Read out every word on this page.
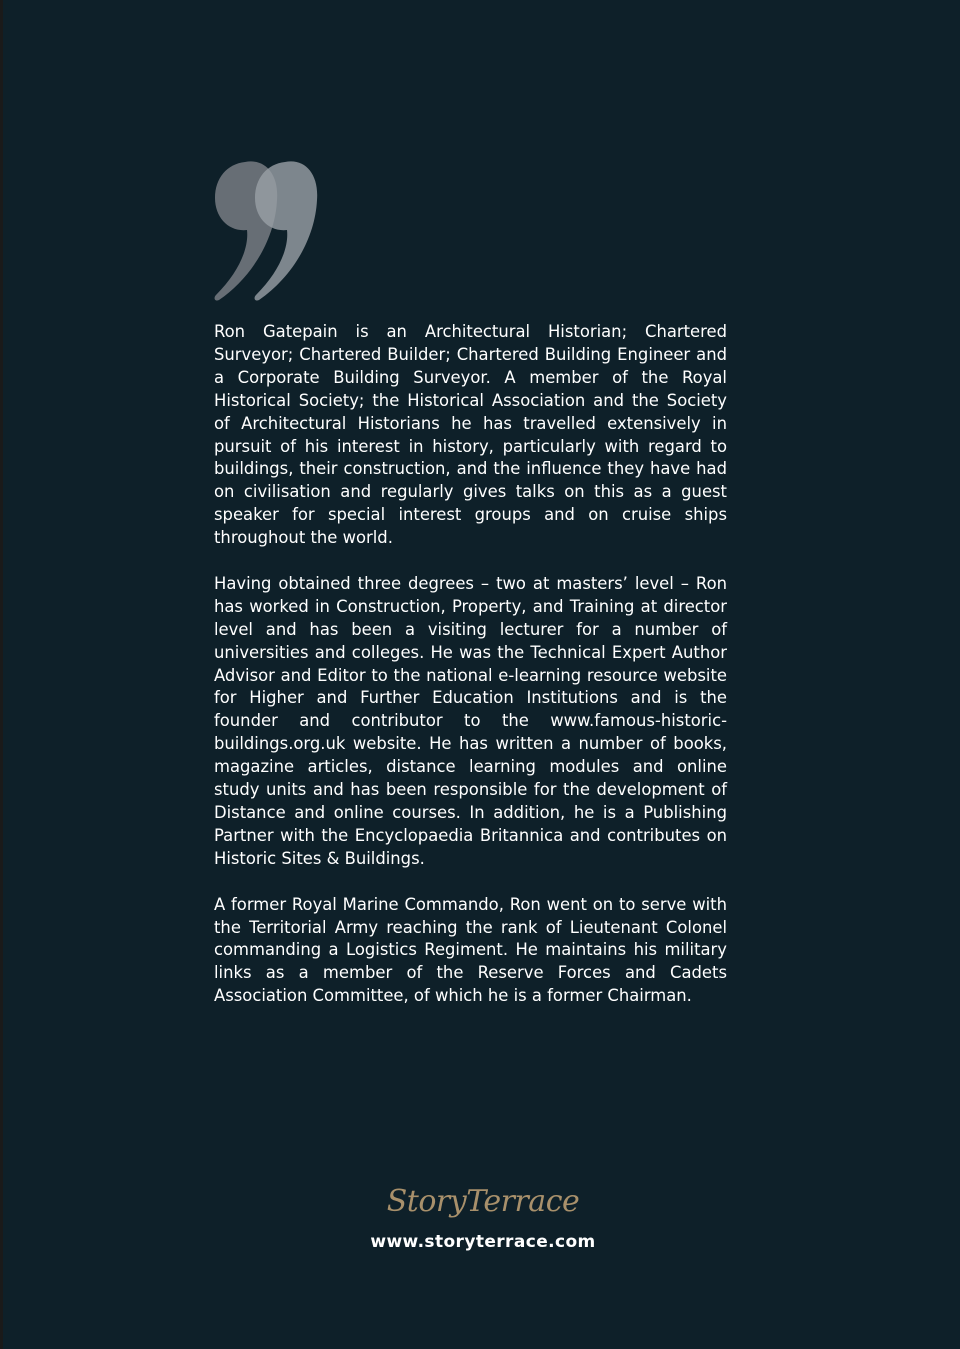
Ron Gatepain is an Architectural Historian; Chartered Surveyor; Chartered Builder; Chartered Building Engineer and a Corporate Building Surveyor. A member of the Royal Historical Society; the Historical Association and the Society of Architectural Historians he has travelled extensively in pursuit of his interest in history, particularly with regard to buildings, their construction, and the influence they have had on civilisation and regularly gives talks on this as a guest speaker for special interest groups and on cruise ships throughout the world.

Having obtained three degrees – two at masters’ level – Ron has worked in Construction, Property, and Training at director level and has been a visiting lecturer for a number of universities and colleges. He was the Technical Expert Author Advisor and Editor to the national e-learning resource website for Higher and Further Education Institutions and is the founder and contributor to the www.famous-historic-buildings.org.uk website. He has written a number of books, magazine articles, distance learning modules and online study units and has been responsible for the development of Distance and online courses. In addition, he is a Publishing Partner with the Encyclopaedia Britannica and contributes on Historic Sites & Buildings.

A former Royal Marine Commando, Ron went on to serve with the Territorial Army reaching the rank of Lieutenant Colonel commanding a Logistics Regiment. He maintains his military links as a member of the Reserve Forces and Cadets Association Committee, of which he is a former Chairman.

StoryTerrace
www.storyterrace.com
